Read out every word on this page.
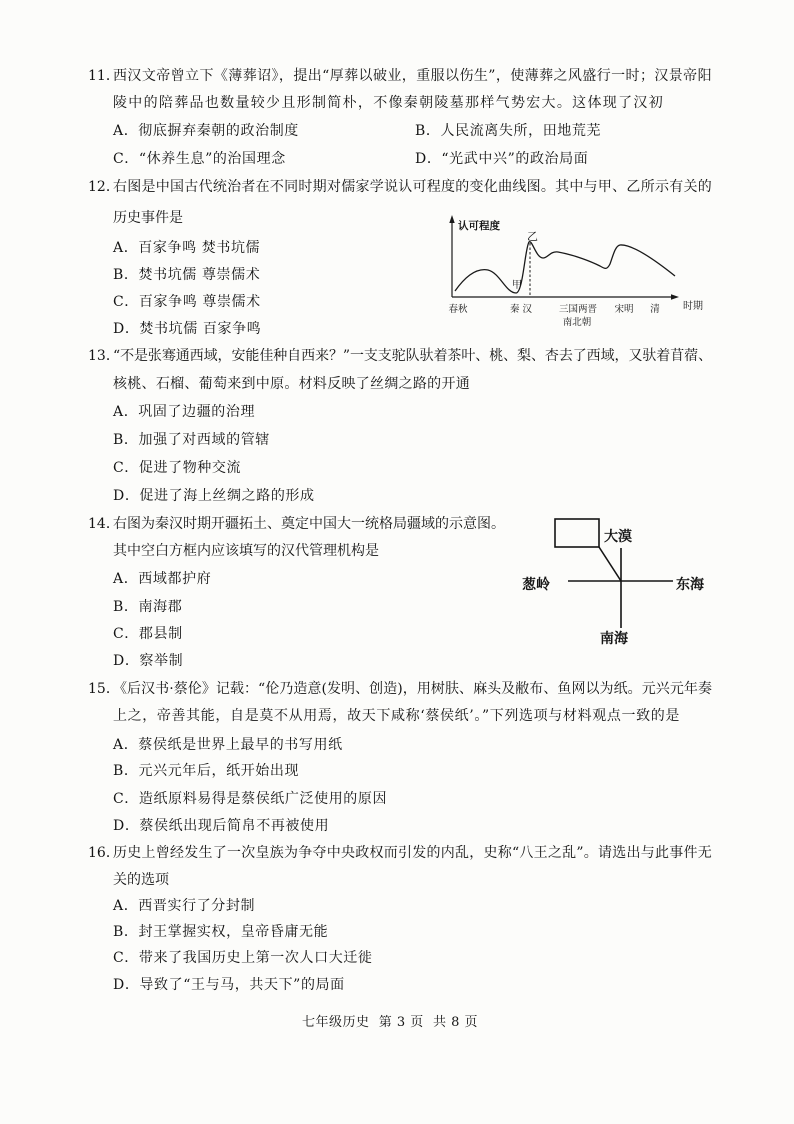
11．
西汉文帝曾立下《薄葬诏》，提出“厚葬以破业，重服以伤生”，使薄葬之风盛行一时；汉景帝阳
陵中的陪葬品也数量较少且形制简朴，不像秦朝陵墓那样气势宏大。这体现了汉初
A．彻底摒弃秦朝的政治制度	B．人民流离失所，田地荒芜
C．“休养生息”的治国理念	D．“光武中兴”的政治局面
12．
右图是中国古代统治者在不同时期对儒家学说认可程度的变化曲线图。其中与甲、乙所示有关的
历史事件是
A．百家争鸣 焚书坑儒
B．焚书坑儒 尊崇儒术
C．百家争鸣 尊崇儒术
D．焚书坑儒 百家争鸣
认可程度
甲
乙
春秋	秦 汉	三国两晋
南北朝
宋明 清 时期
13．
“不是张骞通西域，安能佳种自西来？”一支支驼队驮着茶叶、桃、梨、杏去了西域，又驮着苜蓿、
核桃、石榴、葡萄来到中原。材料反映了丝绸之路的开通
A．巩固了边疆的治理
B．加强了对西域的管辖
C．促进了物种交流
D．促进了海上丝绸之路的形成
14．
右图为秦汉时期开疆拓土、奠定中国大一统格局疆域的示意图。
其中空白方框内应该填写的汉代管理机构是
A．西域都护府
B．南海郡
C．郡县制
D．察举制
大漠
葱岭	东海
南海
15．
《后汉书·蔡伦》记载：“伦乃造意(发明、创造)，用树肤、麻头及敝布、鱼网以为纸。元兴元年奏
上之，帝善其能，自是莫不从用焉，故天下咸称‘蔡侯纸’。”下列选项与材料观点一致的是
A．蔡侯纸是世界上最早的书写用纸
B．元兴元年后，纸开始出现
C．造纸原料易得是蔡侯纸广泛使用的原因
D．蔡侯纸出现后简帛不再被使用
16．
历史上曾经发生了一次皇族为争夺中央政权而引发的内乱，史称“八王之乱”。请选出与此事件无
关的选项
A．西晋实行了分封制
B．封王掌握实权，皇帝昏庸无能
C．带来了我国历史上第一次人口大迁徙
D．导致了“王与马，共天下”的局面
七年级历史  第 3 页  共 8 页
